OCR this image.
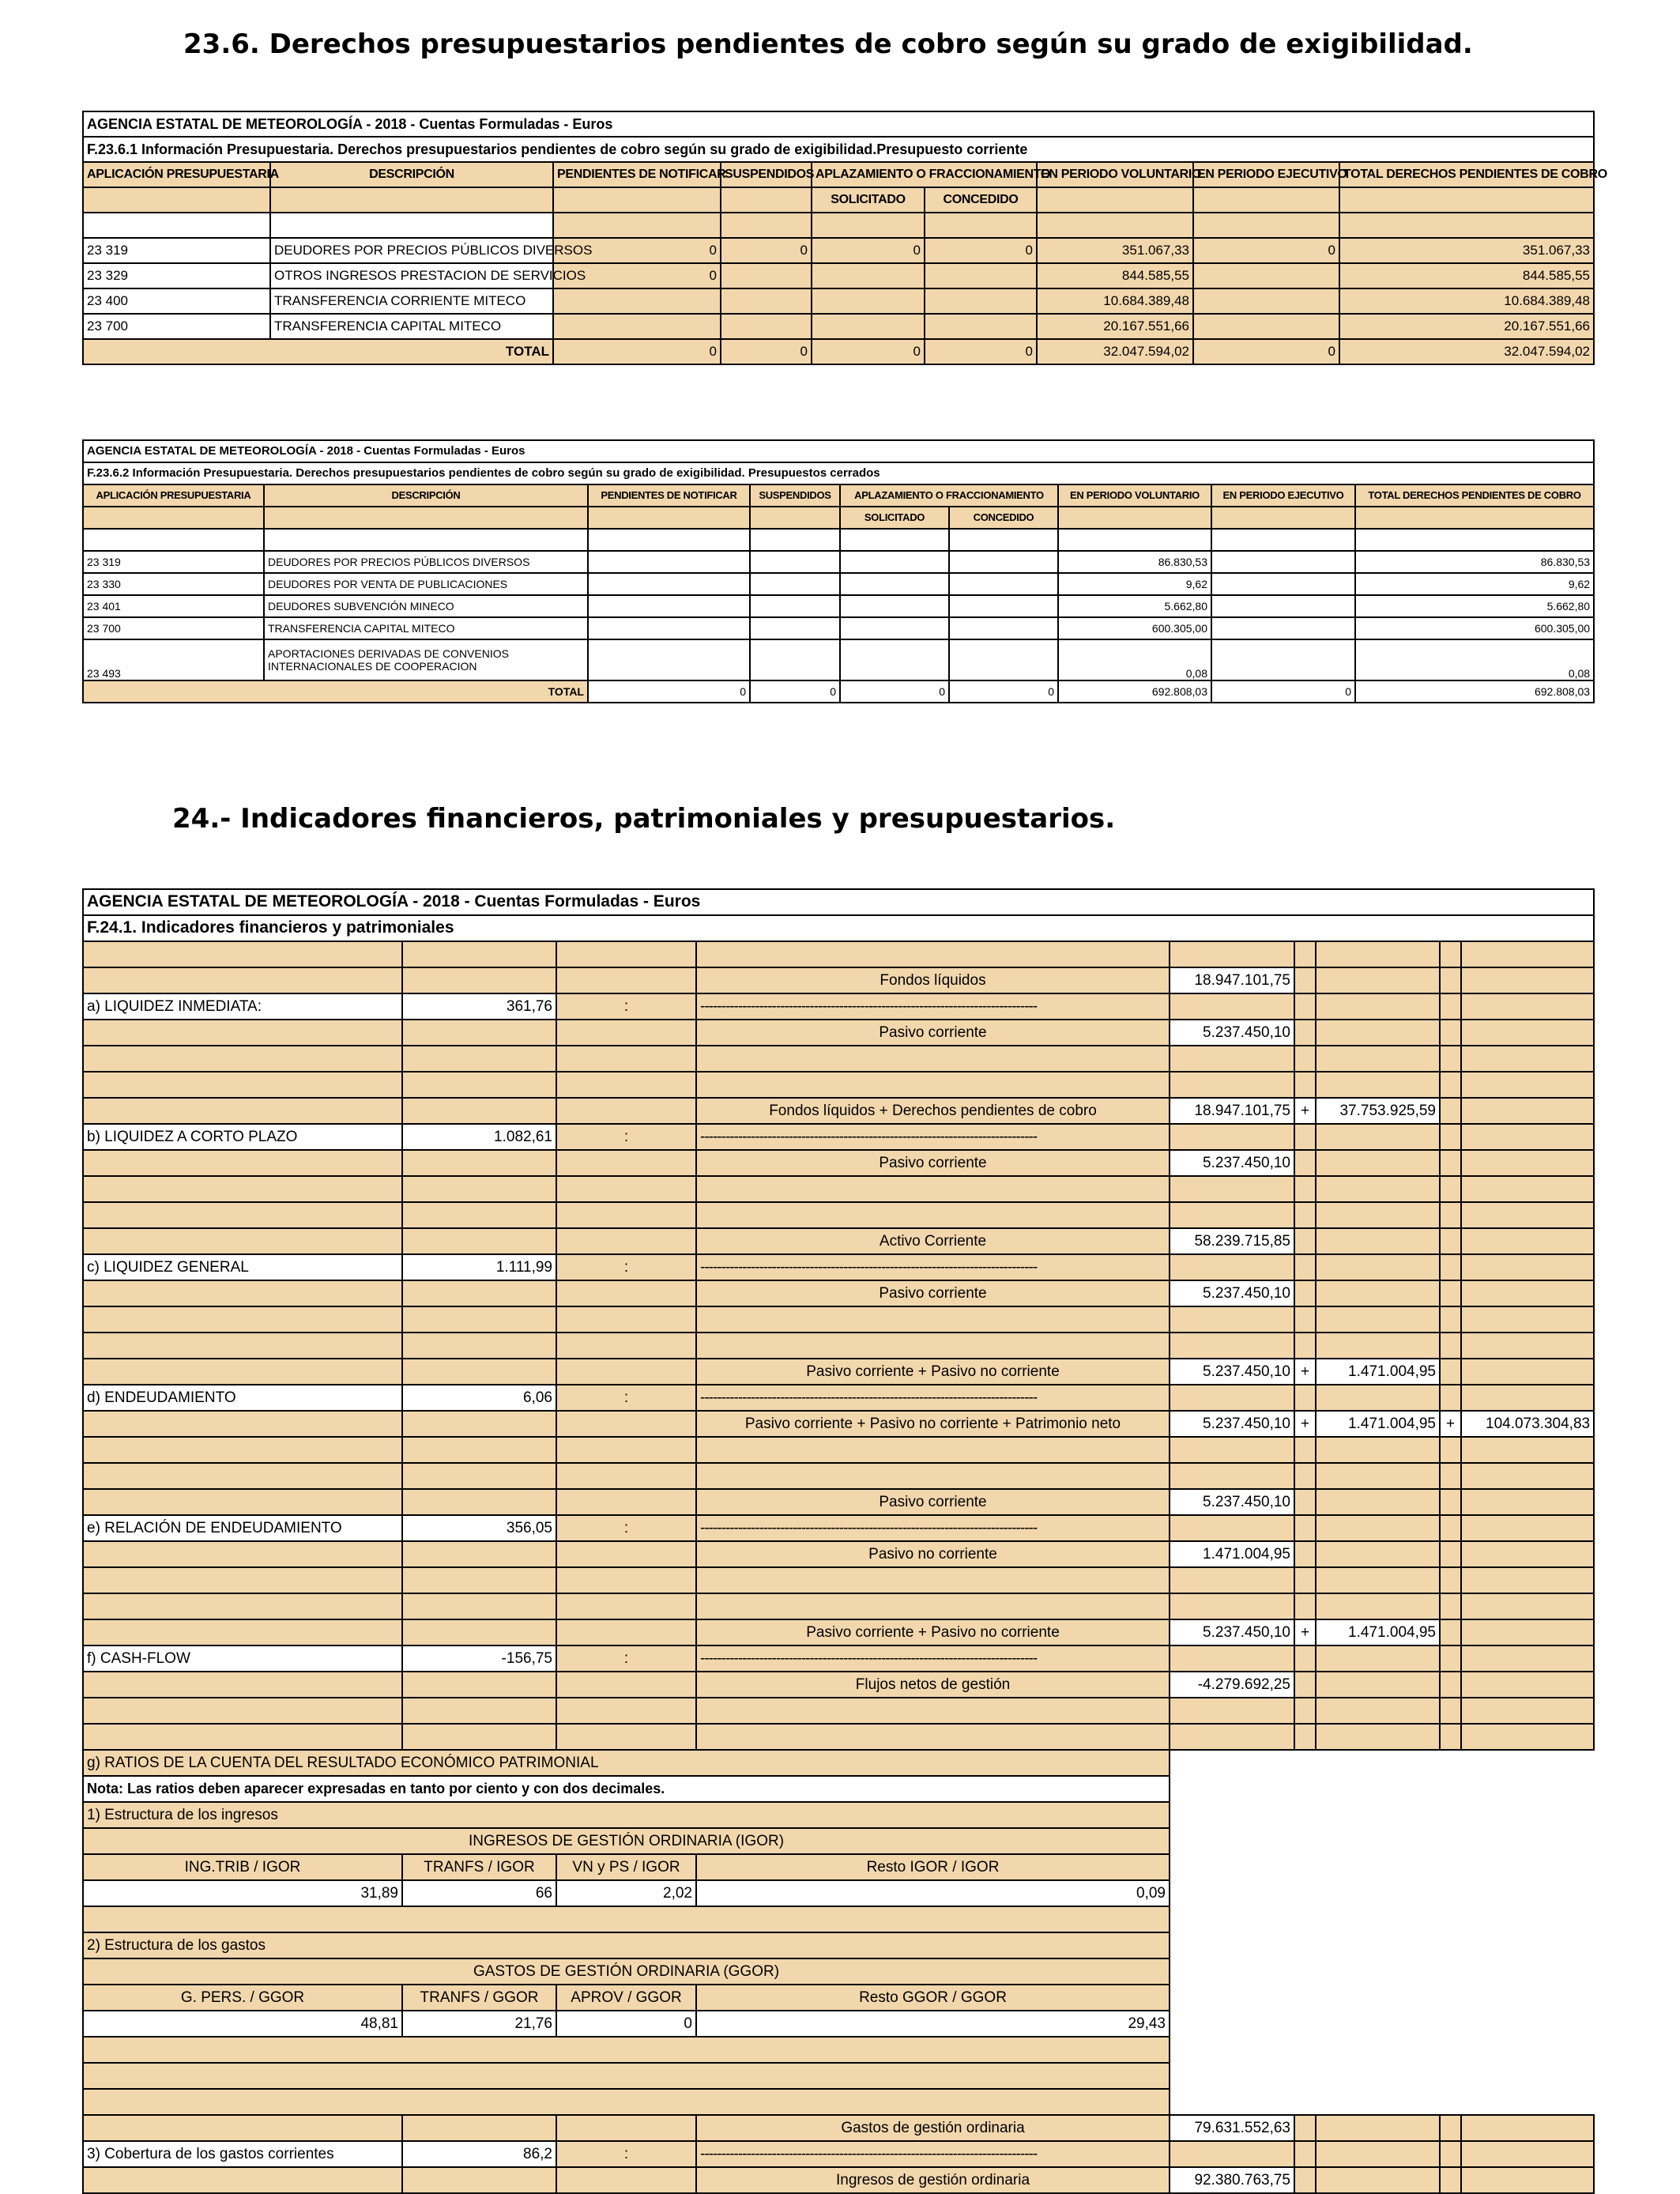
23.6. Derechos presupuestarios pendientes de cobro según su grado de exigibilidad.
AGENCIA ESTATAL DE METEOROLOGÍA - 2018 - Cuentas Formuladas - Euros								
F.23.6.1 Información Presupuestaria. Derechos presupuestarios pendientes de cobro según su grado de exigibilidad.Presupuesto corriente								
APLICACIÓN PRESUPUESTARIA	DESCRIPCIÓN	PENDIENTES DE NOTIFICAR	SUSPENDIDOS	APLAZAMIENTO O FRACCIONAMIENTO		EN PERIODO VOLUNTARIO	EN PERIODO EJECUTIVO	TOTAL DERECHOS PENDIENTES DE COBRO
				SOLICITADO	CONCEDIDO			

23 319	DEUDORES POR PRECIOS PÚBLICOS DIVERSOS	0	0	0	0	351.067,33	0	351.067,33
23 329	OTROS INGRESOS PRESTACION DE SERVICIOS	0				844.585,55		844.585,55
23 400	TRANSFERENCIA CORRIENTE MITECO					10.684.389,48		10.684.389,48
23 700	TRANSFERENCIA CAPITAL MITECO					20.167.551,66		20.167.551,66
TOTAL		0	0	0	0	32.047.594,02	0	32.047.594,02
AGENCIA ESTATAL DE METEOROLOGÍA - 2018 - Cuentas Formuladas - Euros								
F.23.6.2 Información Presupuestaria. Derechos presupuestarios pendientes de cobro según su grado de exigibilidad. Presupuestos cerrados								
APLICACIÓN PRESUPUESTARIA	DESCRIPCIÓN	PENDIENTES DE NOTIFICAR	SUSPENDIDOS	APLAZAMIENTO O FRACCIONAMIENTO		EN PERIODO VOLUNTARIO	EN PERIODO EJECUTIVO	TOTAL DERECHOS PENDIENTES DE COBRO
				SOLICITADO	CONCEDIDO			

23 319	DEUDORES POR PRECIOS PÚBLICOS DIVERSOS					86.830,53		86.830,53
23 330	DEUDORES POR VENTA DE PUBLICACIONES					9,62		9,62
23 401	DEUDORES SUBVENCIÓN MINECO					5.662,80		5.662,80
23 700	TRANSFERENCIA CAPITAL MITECO					600.305,00		600.305,00
23 493	APORTACIONES DERIVADAS DE CONVENIOS INTERNACIONALES DE COOPERACION					0,08		0,08
TOTAL		0	0	0	0	692.808,03	0	692.808,03
24.- Indicadores financieros, patrimoniales y presupuestarios.
AGENCIA ESTATAL DE METEOROLOGÍA - 2018 - Cuentas Formuladas - Euros								
F.24.1. Indicadores financieros y patrimoniales								

			Fondos líquidos	18.947.101,75				
a) LIQUIDEZ INMEDIATA:	361,76	:	--------------------------------------------------------------------------------					
			Pasivo corriente	5.237.450,10				

			Fondos líquidos + Derechos pendientes de cobro	18.947.101,75	+	37.753.925,59		
b) LIQUIDEZ A CORTO PLAZO	1.082,61	:	--------------------------------------------------------------------------------					
			Pasivo corriente	5.237.450,10				

			Activo Corriente	58.239.715,85				
c) LIQUIDEZ GENERAL	1.111,99	:	--------------------------------------------------------------------------------					
			Pasivo corriente	5.237.450,10				

			Pasivo corriente + Pasivo no corriente	5.237.450,10	+	1.471.004,95		
d) ENDEUDAMIENTO	6,06	:	--------------------------------------------------------------------------------					
			Pasivo corriente + Pasivo no corriente + Patrimonio neto	5.237.450,10	+	1.471.004,95	+	104.073.304,83

			Pasivo corriente	5.237.450,10				
e) RELACIÓN DE ENDEUDAMIENTO	356,05	:	--------------------------------------------------------------------------------					
			Pasivo no corriente	1.471.004,95				

			Pasivo corriente + Pasivo no corriente	5.237.450,10	+	1.471.004,95		
f) CASH-FLOW	-156,75	:	--------------------------------------------------------------------------------					
			Flujos netos de gestión	-4.279.692,25				

g) RATIOS DE LA CUENTA DEL RESULTADO ECONÓMICO PATRIMONIAL								
Nota: Las ratios deben aparecer expresadas en tanto por ciento y con dos decimales.								
1) Estructura de los ingresos								
INGRESOS DE GESTIÓN ORDINARIA (IGOR)								
ING.TRIB / IGOR	TRANFS / IGOR	VN y PS / IGOR	Resto IGOR / IGOR					
31,89	66	2,02	0,09					

2) Estructura de los gastos								
GASTOS DE GESTIÓN ORDINARIA (GGOR)								
G. PERS. / GGOR	TRANFS / GGOR	APROV / GGOR	Resto GGOR / GGOR					
48,81	21,76	0	29,43					

			Gastos de gestión ordinaria	79.631.552,63				
3) Cobertura de los gastos corrientes	86,2	:	--------------------------------------------------------------------------------					
			Ingresos de gestión ordinaria	92.380.763,75				
